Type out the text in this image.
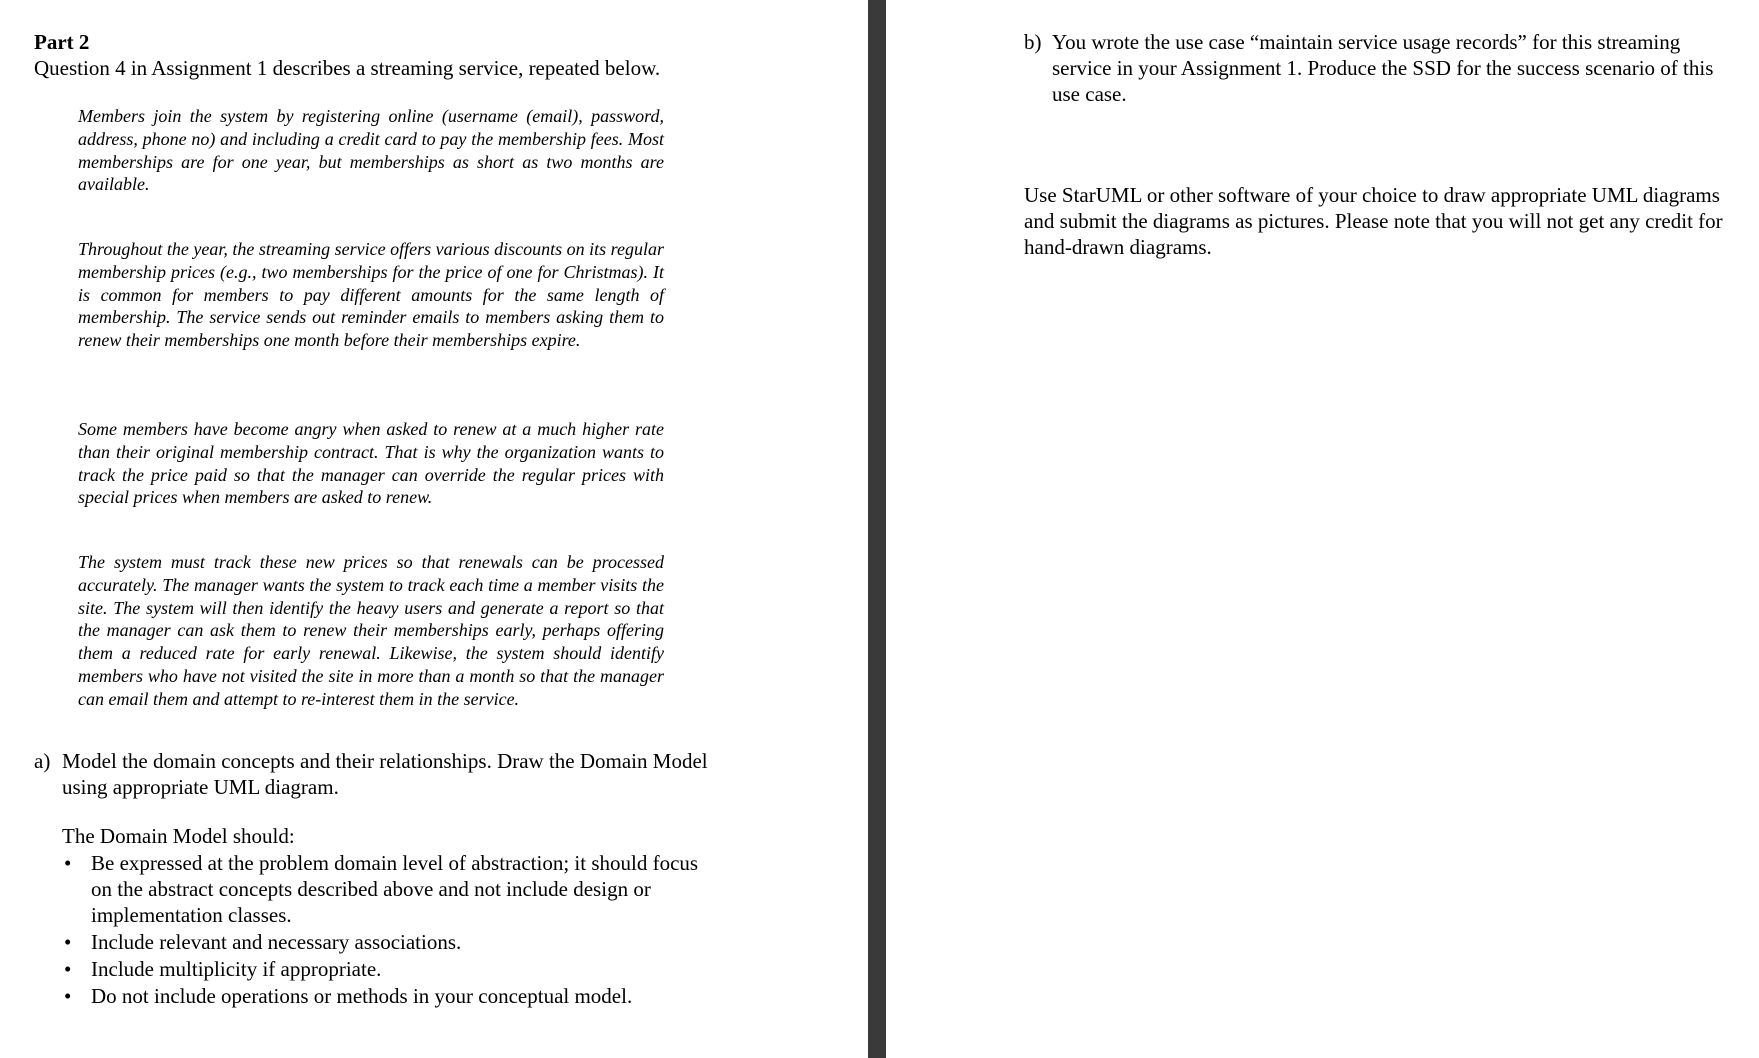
Part 2

Question 4 in Assignment 1 describes a streaming service, repeated below.

Members join the system by registering online (username (email), password, address, phone no) and including a credit card to pay the membership fees. Most memberships are for one year, but memberships as short as two months are available.

Throughout the year, the streaming service offers various discounts on its regular membership prices (e.g., two memberships for the price of one for Christmas). It is common for members to pay different amounts for the same length of membership. The service sends out reminder emails to members asking them to renew their memberships one month before their memberships expire.

Some members have become angry when asked to renew at a much higher rate than their original membership contract. That is why the organization wants to track the price paid so that the manager can override the regular prices with special prices when members are asked to renew.

The system must track these new prices so that renewals can be processed accurately. The manager wants the system to track each time a member visits the site. The system will then identify the heavy users and generate a report so that the manager can ask them to renew their memberships early, perhaps offering them a reduced rate for early renewal. Likewise, the system should identify members who have not visited the site in more than a month so that the manager can email them and attempt to re-interest them in the service.

a) Model the domain concepts and their relationships. Draw the Domain Model using appropriate UML diagram.

The Domain Model should:

• Be expressed at the problem domain level of abstraction; it should focus on the abstract concepts described above and not include design or implementation classes.
• Include relevant and necessary associations.
• Include multiplicity if appropriate.
• Do not include operations or methods in your conceptual model.
b) You wrote the use case “maintain service usage records” for this streaming service in your Assignment 1. Produce the SSD for the success scenario of this use case.

Use StarUML or other software of your choice to draw appropriate UML diagrams and submit the diagrams as pictures. Please note that you will not get any credit for hand-drawn diagrams.
